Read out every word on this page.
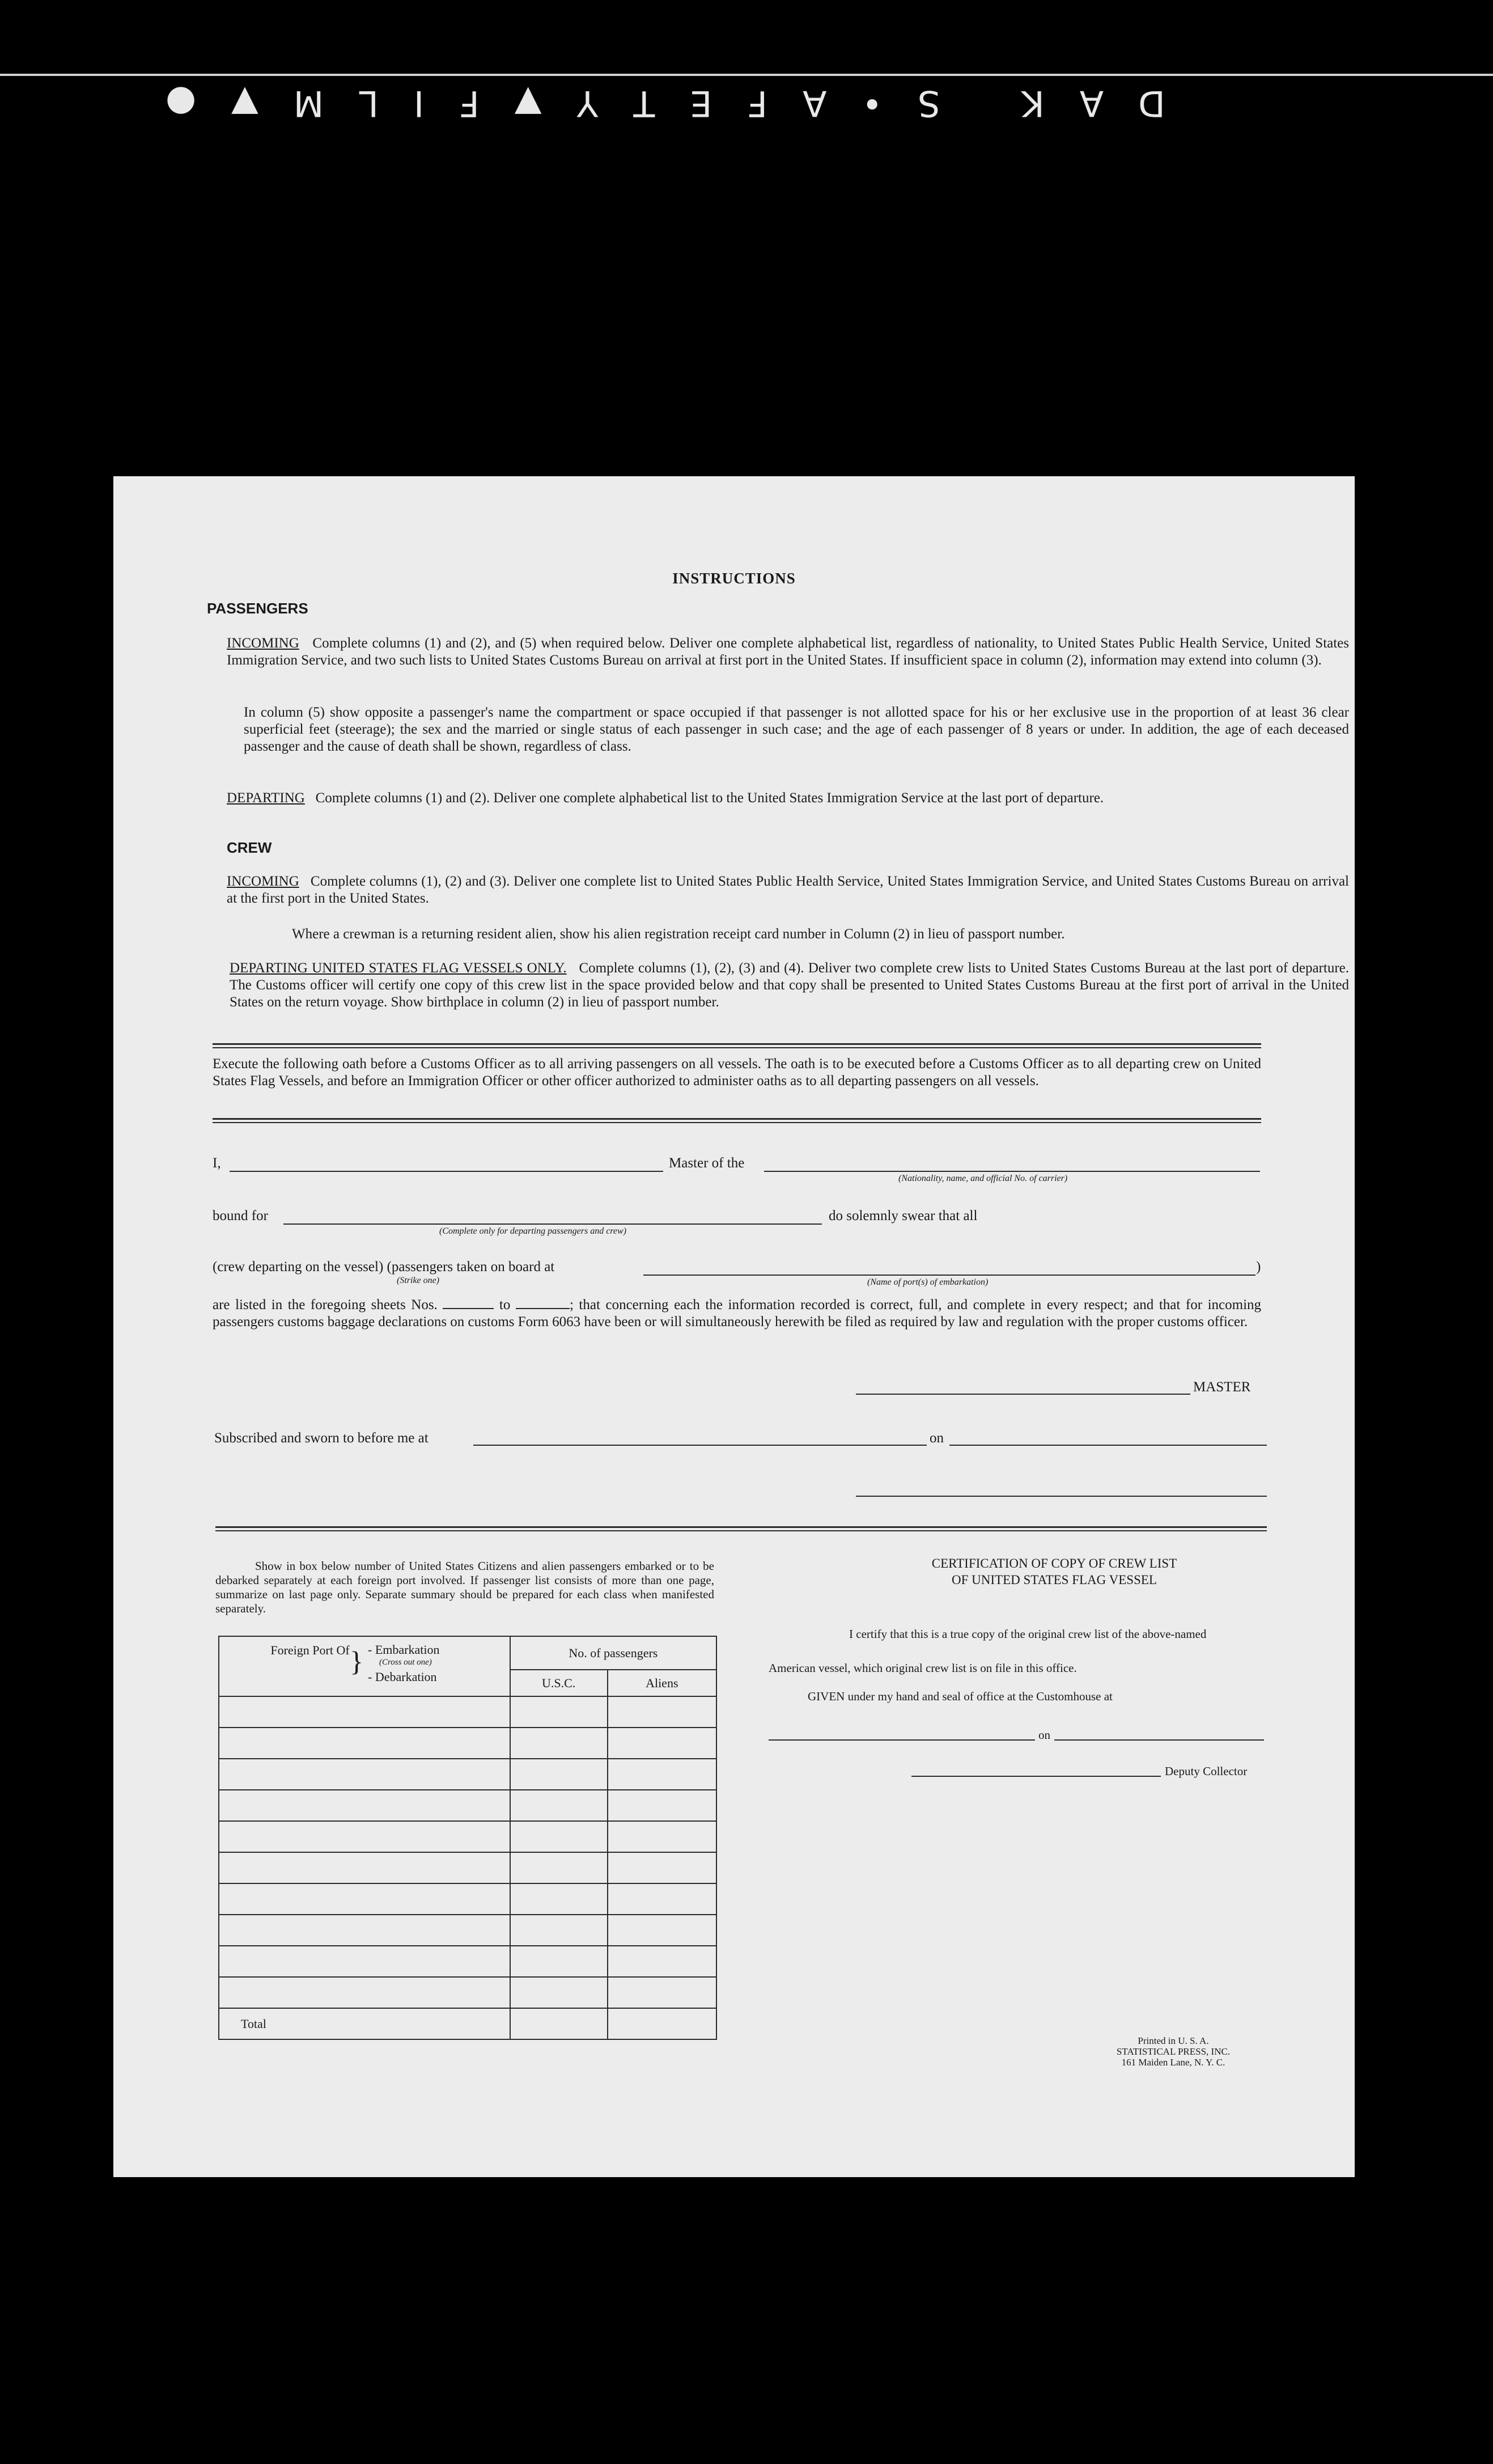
DAK S•AFETY▼FILM▼●
INSTRUCTIONS
PASSENGERS
INCOMING Complete columns (1) and (2), and (5) when required below. Deliver one complete alphabetical list, regardless of nationality, to United States Public Health Service, United States Immigration Service, and two such lists to United States Customs Bureau on arrival at first port in the United States. If insufficient space in column (2), information may extend into column (3).
In column (5) show opposite a passenger's name the compartment or space occupied if that passenger is not allotted space for his or her exclusive use in the proportion of at least 36 clear superficial feet (steerage); the sex and the married or single status of each passenger in such case; and the age of each passenger of 8 years or under. In addition, the age of each deceased passenger and the cause of death shall be shown, regardless of class.
DEPARTING Complete columns (1) and (2). Deliver one complete alphabetical list to the United States Immigration Service at the last port of departure.
CREW
INCOMING Complete columns (1), (2) and (3). Deliver one complete list to United States Public Health Service, United States Immigration Service, and United States Customs Bureau on arrival at the first port in the United States.
Where a crewman is a returning resident alien, show his alien registration receipt card number in Column (2) in lieu of passport number.
DEPARTING UNITED STATES FLAG VESSELS ONLY. Complete columns (1), (2), (3) and (4). Deliver two complete crew lists to United States Customs Bureau at the last port of departure. The Customs officer will certify one copy of this crew list in the space provided below and that copy shall be presented to United States Customs Bureau at the first port of arrival in the United States on the return voyage. Show birthplace in column (2) in lieu of passport number.
Execute the following oath before a Customs Officer as to all arriving passengers on all vessels. The oath is to be executed before a Customs Officer as to all departing crew on United States Flag Vessels, and before an Immigration Officer or other officer authorized to administer oaths as to all departing passengers on all vessels.
I,	Master of the
(Nationality, name, and official No. of carrier)
bound for
(Complete only for departing passengers and crew)
do solemnly swear that all
(crew departing on the vessel) (passengers taken on board at
(Strike one)	(Name of port(s) of embarkation)
)
are listed in the foregoing sheets Nos.	to	; that concerning each the information recorded is correct, full, and complete in every respect; and that for incoming passengers customs baggage declarations on customs Form 6063 have been or will simultaneously herewith be filed as required by law and regulation with the proper customs officer.
MASTER
Subscribed and sworn to before me at	on
Show in box below number of United States Citizens and alien passengers embarked or to be debarked separately at each foreign port involved. If passenger list consists of more than one page, summarize on last page only. Separate summary should be prepared for each class when manifested separately.
Foreign Port Of } - Embarkation
(Cross out one)
- Debarkation	No. of passengers	
	U.S.C.	Aliens

Total		
CERTIFICATION OF COPY OF CREW LIST
OF UNITED STATES FLAG VESSEL
I certify that this is a true copy of the original crew list of the above-named
American vessel, which original crew list is on file in this office.
GIVEN under my hand and seal of office at the Customhouse at
on
Deputy Collector
Printed in U. S. A.
STATISTICAL PRESS, INC.
161 Maiden Lane, N. Y. C.
